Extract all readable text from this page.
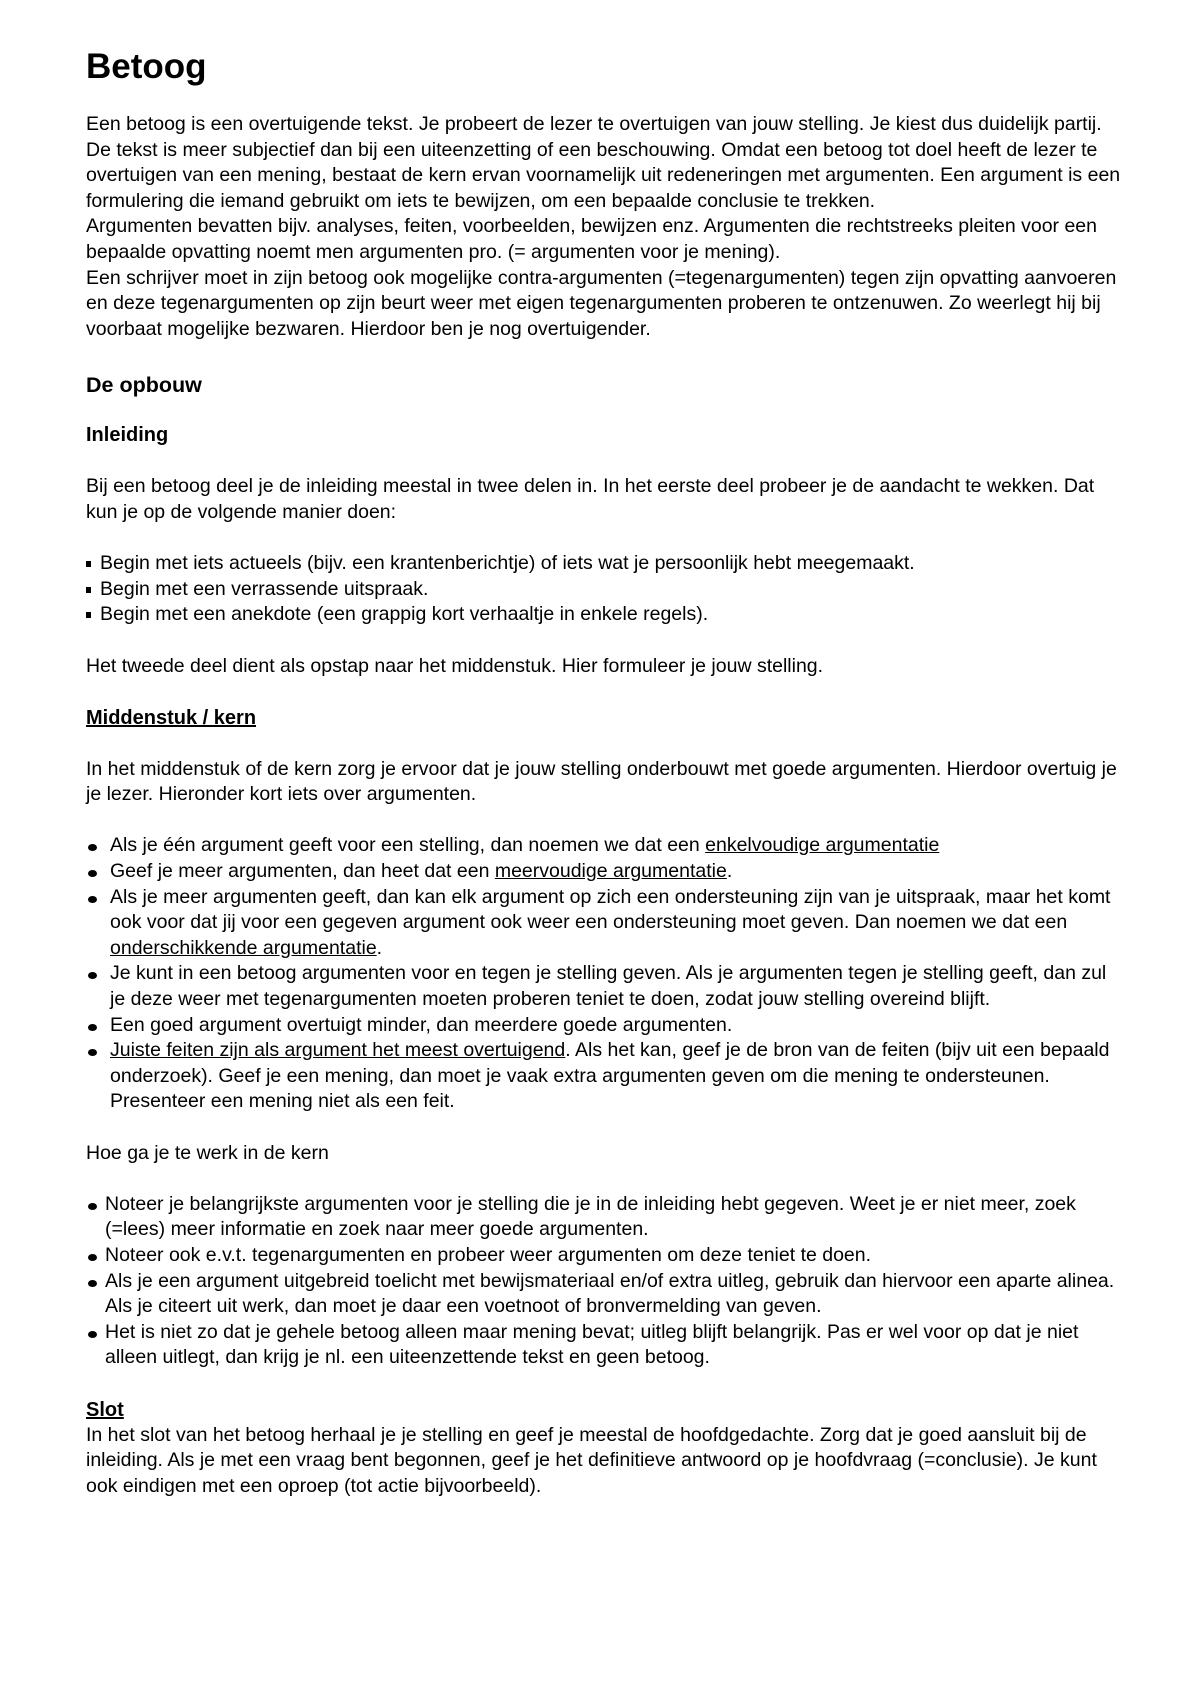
Betoog

Een betoog is een overtuigende tekst. Je probeert de lezer te overtuigen van jouw stelling. Je kiest dus duidelijk partij. De tekst is meer subjectief dan bij een uiteenzetting of een beschouwing. Omdat een betoog tot doel heeft de lezer te overtuigen van een mening, bestaat de kern ervan voornamelijk uit redeneringen met argumenten. Een argument is een formulering die iemand gebruikt om iets te bewijzen, om een bepaalde conclusie te trekken.

Argumenten bevatten bijv. analyses, feiten, voorbeelden, bewijzen enz. Argumenten die rechtstreeks pleiten voor een bepaalde opvatting noemt men argumenten pro. (= argumenten voor je mening).

Een schrijver moet in zijn betoog ook mogelijke contra-argumenten (=tegenargumenten) tegen zijn opvatting aanvoeren en deze tegenargumenten op zijn beurt weer met eigen tegenargumenten proberen te ontzenuwen. Zo weerlegt hij bij voorbaat mogelijke bezwaren. Hierdoor ben je nog overtuigender.

De opbouw
Inleiding

Bij een betoog deel je de inleiding meestal in twee delen in. In het eerste deel probeer je de aandacht te wekken. Dat kun je op de volgende manier doen:

Begin met iets actueels (bijv. een krantenberichtje) of iets wat je persoonlijk hebt meegemaakt.
Begin met een verrassende uitspraak.
Begin met een anekdote (een grappig kort verhaaltje in enkele regels).

Het tweede deel dient als opstap naar het middenstuk. Hier formuleer je jouw stelling.

Middenstuk / kern

In het middenstuk of de kern zorg je ervoor dat je jouw stelling onderbouwt met goede argumenten. Hierdoor overtuig je je lezer. Hieronder kort iets over argumenten.

Als je één argument geeft voor een stelling, dan noemen we dat een enkelvoudige argumentatie
Geef je meer argumenten, dan heet dat een meervoudige argumentatie.
Als je meer argumenten geeft, dan kan elk argument op zich een ondersteuning zijn van je uitspraak, maar het komt ook voor dat jij voor een gegeven argument ook weer een ondersteuning moet geven. Dan noemen we dat een onderschikkende argumentatie.
Je kunt in een betoog argumenten voor en tegen je stelling geven. Als je argumenten tegen je stelling geeft, dan zul je deze weer met tegenargumenten moeten proberen teniet te doen, zodat jouw stelling overeind blijft.
Een goed argument overtuigt minder, dan meerdere goede argumenten.
Juiste feiten zijn als argument het meest overtuigend. Als het kan, geef je de bron van de feiten (bijv uit een bepaald onderzoek). Geef je een mening, dan moet je vaak extra argumenten geven om die mening te ondersteunen. Presenteer een mening niet als een feit.

Hoe ga je te werk in de kern

Noteer je belangrijkste argumenten voor je stelling die je in de inleiding hebt gegeven. Weet je er niet meer, zoek (=lees) meer informatie en zoek naar meer goede argumenten.
Noteer ook e.v.t. tegenargumenten en probeer weer argumenten om deze teniet te doen.
Als je een argument uitgebreid toelicht met bewijsmateriaal en/of extra uitleg, gebruik dan hiervoor een aparte alinea. Als je citeert uit werk, dan moet je daar een voetnoot of bronvermelding van geven.
Het is niet zo dat je gehele betoog alleen maar mening bevat; uitleg blijft belangrijk. Pas er wel voor op dat je niet alleen uitlegt, dan krijg je nl. een uiteenzettende tekst en geen betoog.
Slot

In het slot van het betoog herhaal je je stelling en geef je meestal de hoofdgedachte. Zorg dat je goed aansluit bij de inleiding. Als je met een vraag bent begonnen, geef je het definitieve antwoord op je hoofdvraag (=conclusie). Je kunt ook eindigen met een oproep (tot actie bijvoorbeeld).
